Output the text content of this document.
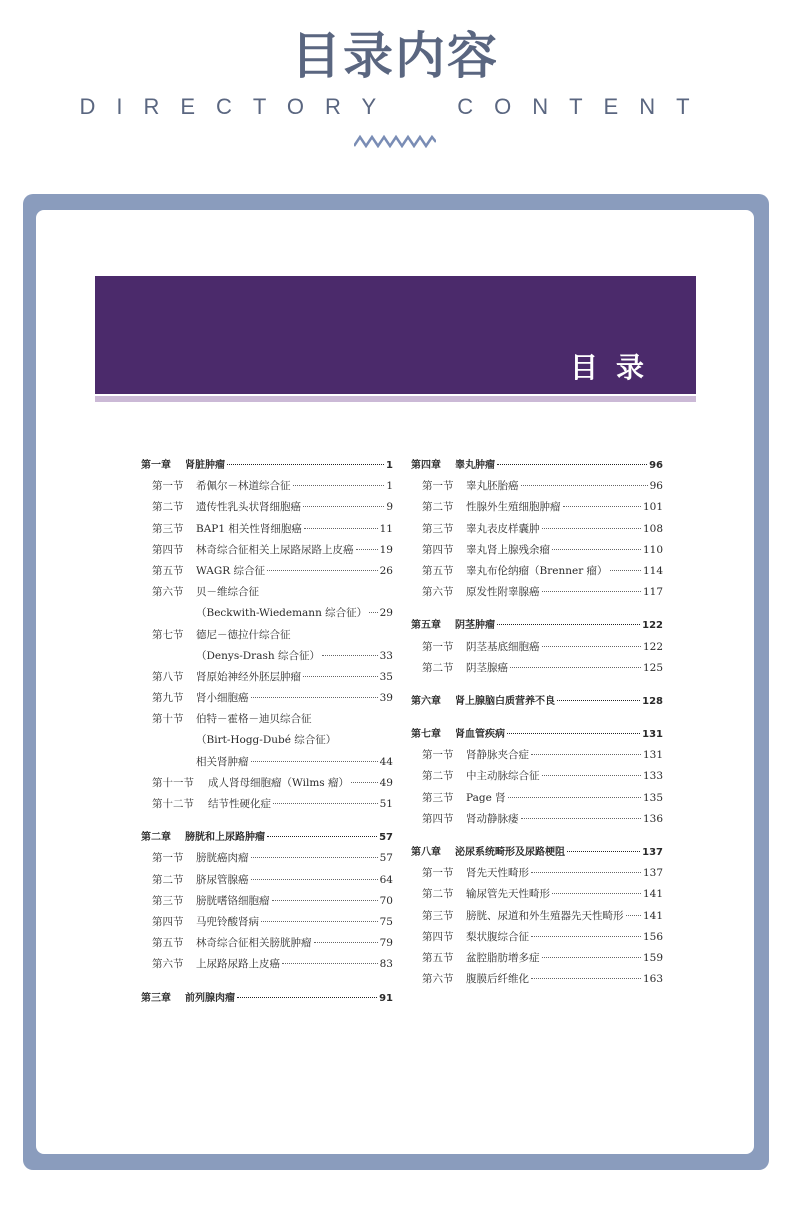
目录内容
DIRECTORY	CONTENT
目录
第一章	肾脏肿瘤	1
第一节	希佩尔－林道综合征	1
第二节	遗传性乳头状肾细胞癌	9
第三节	BAP1 相关性肾细胞癌	11
第四节	林奇综合征相关上尿路尿路上皮癌 19
第五节	WAGR 综合征	26
第六节	贝－维综合征
（Beckwith-Wiedemann 综合征） 29
第七节	德尼－德拉什综合征
（Denys-Drash 综合征）	33
第八节	肾原始神经外胚层肿瘤	35
第九节	肾小细胞癌	39
第十节	伯特－霍格－迪贝综合征
（Birt-Hogg-Dubé 综合征）
相关肾肿瘤	44
第十一节	成人肾母细胞瘤（Wilms 瘤）	49
第十二节	结节性硬化症	51
第二章	膀胱和上尿路肿瘤	57
第一节	膀胱癌肉瘤	57
第二节	脐尿管腺癌	64
第三节	膀胱嗜铬细胞瘤	70
第四节	马兜铃酸肾病	75
第五节	林奇综合征相关膀胱肿瘤	79
第六节	上尿路尿路上皮癌	83
第三章	前列腺肉瘤	91
第四章	睾丸肿瘤	96
第一节	睾丸胚胎癌	96
第二节	性腺外生殖细胞肿瘤	101
第三节	睾丸表皮样囊肿	108
第四节	睾丸肾上腺残余瘤	110
第五节	睾丸布伦纳瘤（Brenner 瘤）	114
第六节	原发性附睾腺癌	117
第五章	阴茎肿瘤	122
第一节	阴茎基底细胞癌	122
第二节	阴茎腺癌	125
第六章	肾上腺脑白质营养不良	128
第七章	肾血管疾病	131
第一节	肾静脉夹合症	131
第二节	中主动脉综合征	133
第三节	Page 肾	135
第四节	肾动静脉瘘	136
第八章	泌尿系统畸形及尿路梗阻	137
第一节	肾先天性畸形	137
第二节	输尿管先天性畸形	141
第三节	膀胱、尿道和外生殖器先天性畸形 141
第四节	梨状腹综合征	156
第五节	盆腔脂肪增多症	159
第六节	腹膜后纤维化	163
